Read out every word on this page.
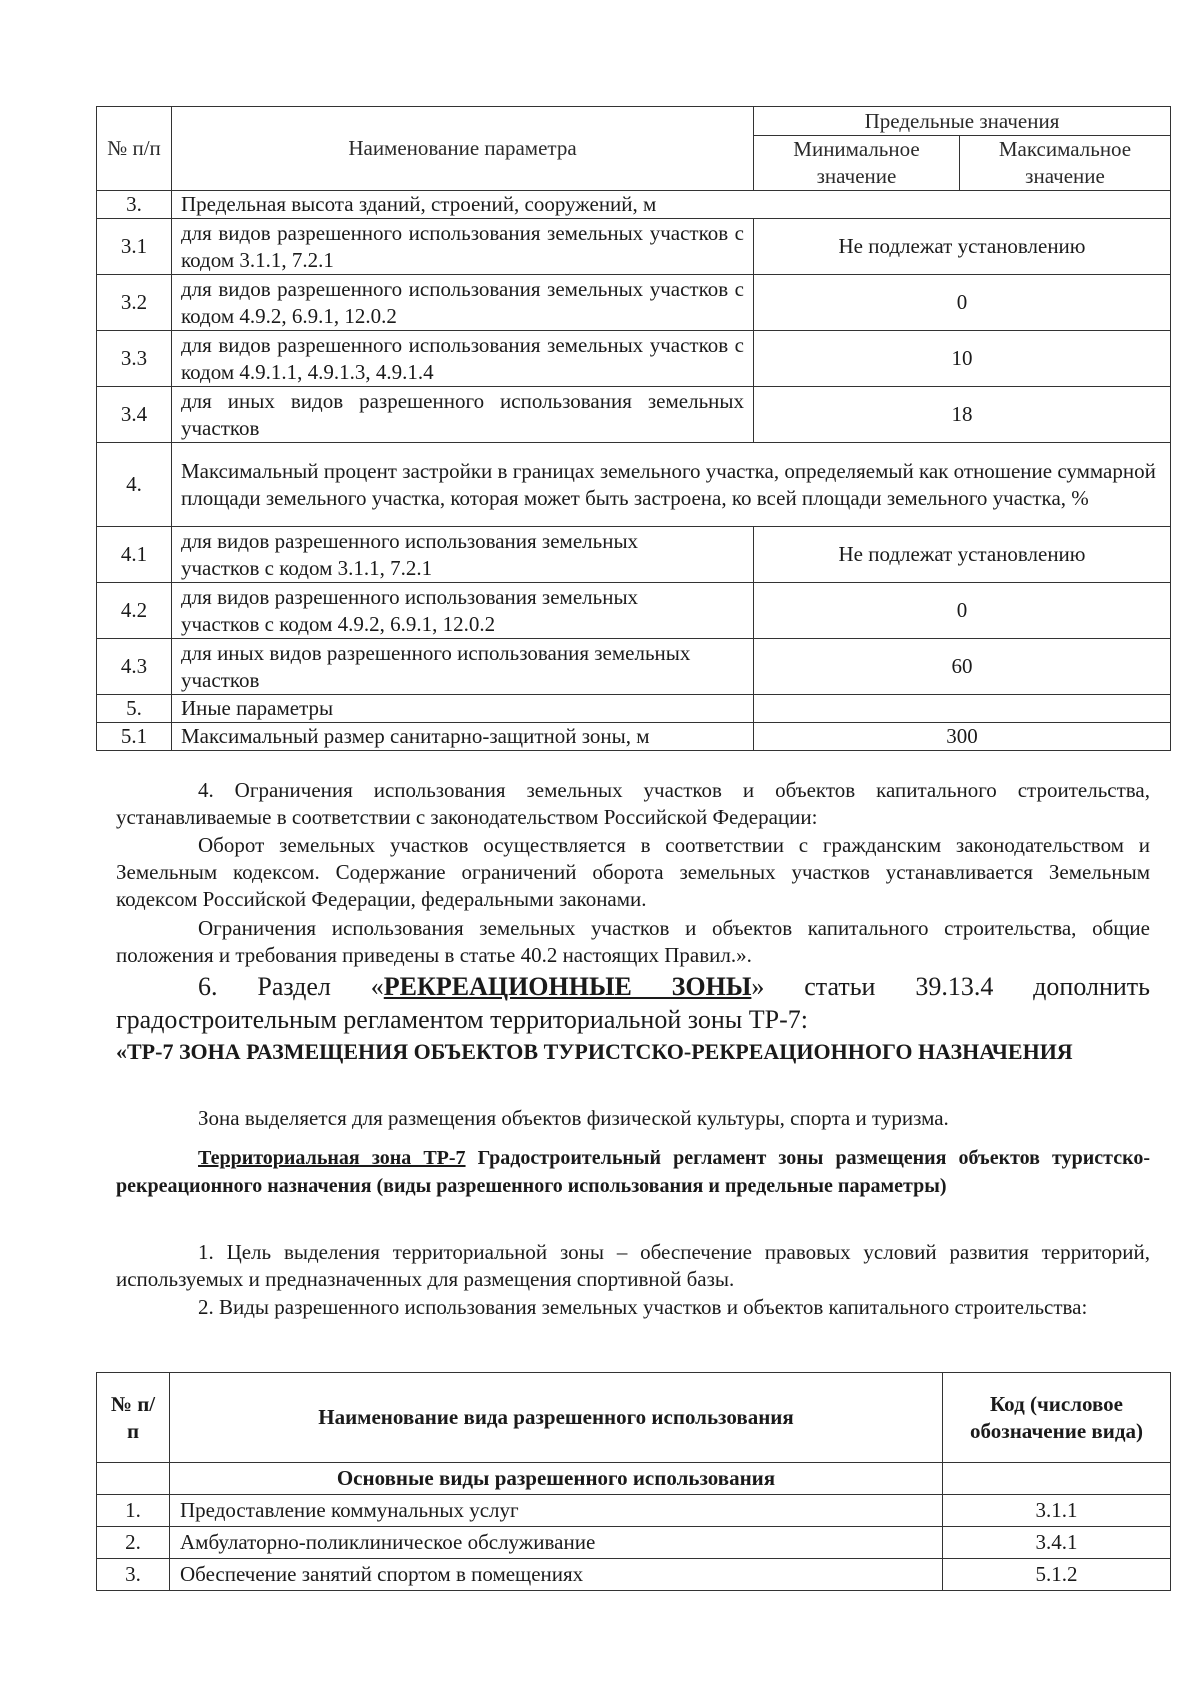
№ п/п	Наименование параметра	Предельные значения	
		Минимальное значение	Максимальное значение
3.	Предельная высота зданий, строений, сооружений, м		
3.1	для видов разрешенного использования земельных участков с кодом 3.1.1, 7.2.1	Не подлежат установлению	
3.2	для видов разрешенного использования земельных участков с кодом 4.9.2, 6.9.1, 12.0.2	0	
3.3	для видов разрешенного использования земельных участков с кодом 4.9.1.1, 4.9.1.3, 4.9.1.4	10	
3.4	для иных видов разрешенного использования земельных участков	18	
4.	Максимальный процент застройки в границах земельного участка, определяемый как отношение суммарной площади земельного участка, которая может быть застроена, ко всей площади земельного участка, %		
4.1	для видов разрешенного использования земельных участков с кодом 3.1.1, 7.2.1	Не подлежат установлению	
4.2	для видов разрешенного использования земельных участков с кодом 4.9.2, 6.9.1, 12.0.2	0	
4.3	для иных видов разрешенного использования земельных участков	60	
5.	Иные параметры		
5.1	Максимальный размер санитарно-защитной зоны, м	300	
4. Ограничения использования земельных участков и объектов капитального строительства, устанавливаемые в соответствии с законодательством Российской Федерации:
Оборот земельных участков осуществляется в соответствии с гражданским законодательством и Земельным кодексом. Содержание ограничений оборота земельных участков устанавливается Земельным кодексом Российской Федерации, федеральными законами.
Ограничения использования земельных участков и объектов капитального строительства, общие положения и требования приведены в статье 40.2 настоящих Правил.».
6. Раздел «РЕКРЕАЦИОННЫЕ ЗОНЫ» статьи 39.13.4 дополнить градостроительным регламентом территориальной зоны ТР-7:
«ТР-7 ЗОНА РАЗМЕЩЕНИЯ ОБЪЕКТОВ ТУРИСТСКО-РЕКРЕАЦИОННОГО НАЗНАЧЕНИЯ
Зона выделяется для размещения объектов физической культуры, спорта и туризма.
Территориальная зона ТР-7 Градостроительный регламент зоны размещения объектов туристско-рекреационного назначения (виды разрешенного использования и предельные параметры)
1. Цель выделения территориальной зоны – обеспечение правовых условий развития территорий, используемых и предназначенных для размещения спортивной базы.
2. Виды разрешенного использования земельных участков и объектов капитального строительства:
№ п/п	Наименование вида разрешенного использования	Код (числовое обозначение вида)
	Основные виды разрешенного использования	
1.	Предоставление коммунальных услуг	3.1.1
2.	Амбулаторно-поликлиническое обслуживание	3.4.1
3.	Обеспечение занятий спортом в помещениях	5.1.2
